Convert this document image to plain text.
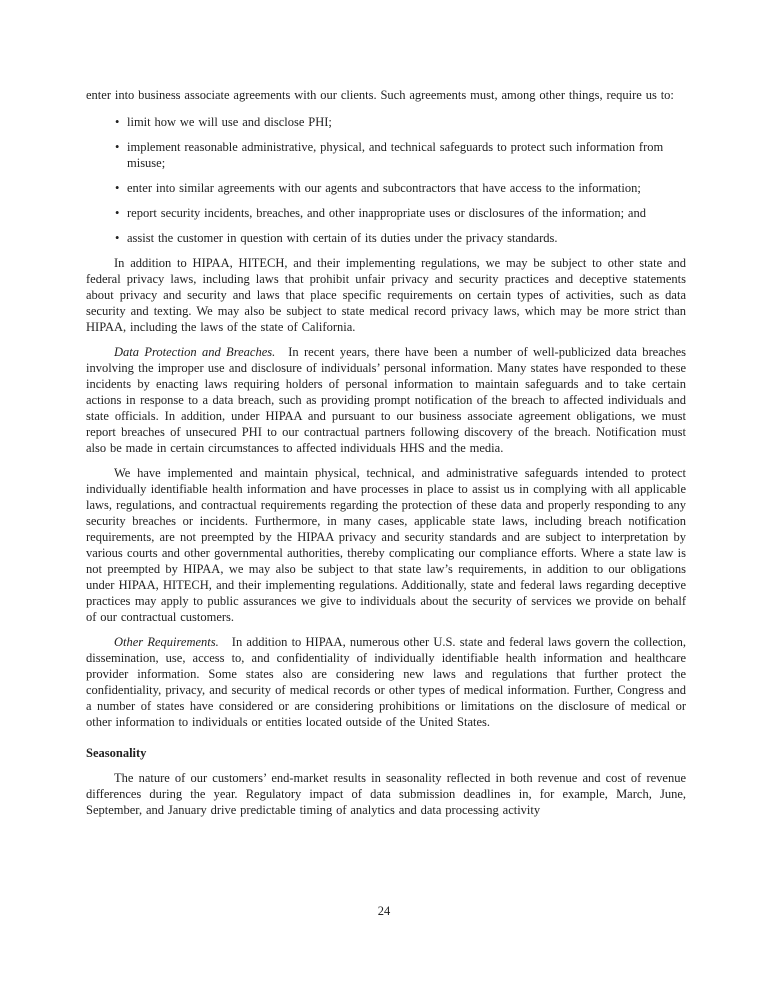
enter into business associate agreements with our clients. Such agreements must, among other things, require us to:

• limit how we will use and disclose PHI;
• implement reasonable administrative, physical, and technical safeguards to protect such information from misuse;
• enter into similar agreements with our agents and subcontractors that have access to the information;
• report security incidents, breaches, and other inappropriate uses or disclosures of the information; and
• assist the customer in question with certain of its duties under the privacy standards.

In addition to HIPAA, HITECH, and their implementing regulations, we may be subject to other state and federal privacy laws, including laws that prohibit unfair privacy and security practices and deceptive statements about privacy and security and laws that place specific requirements on certain types of activities, such as data security and texting. We may also be subject to state medical record privacy laws, which may be more strict than HIPAA, including the laws of the state of California.

Data Protection and Breaches. In recent years, there have been a number of well-publicized data breaches involving the improper use and disclosure of individuals’ personal information. Many states have responded to these incidents by enacting laws requiring holders of personal information to maintain safeguards and to take certain actions in response to a data breach, such as providing prompt notification of the breach to affected individuals and state officials. In addition, under HIPAA and pursuant to our business associate agreement obligations, we must report breaches of unsecured PHI to our contractual partners following discovery of the breach. Notification must also be made in certain circumstances to affected individuals HHS and the media.

We have implemented and maintain physical, technical, and administrative safeguards intended to protect individually identifiable health information and have processes in place to assist us in complying with all applicable laws, regulations, and contractual requirements regarding the protection of these data and properly responding to any security breaches or incidents. Furthermore, in many cases, applicable state laws, including breach notification requirements, are not preempted by the HIPAA privacy and security standards and are subject to interpretation by various courts and other governmental authorities, thereby complicating our compliance efforts. Where a state law is not preempted by HIPAA, we may also be subject to that state law’s requirements, in addition to our obligations under HIPAA, HITECH, and their implementing regulations. Additionally, state and federal laws regarding deceptive practices may apply to public assurances we give to individuals about the security of services we provide on behalf of our contractual customers.

Other Requirements. In addition to HIPAA, numerous other U.S. state and federal laws govern the collection, dissemination, use, access to, and confidentiality of individually identifiable health information and healthcare provider information. Some states also are considering new laws and regulations that further protect the confidentiality, privacy, and security of medical records or other types of medical information. Further, Congress and a number of states have considered or are considering prohibitions or limitations on the disclosure of medical or other information to individuals or entities located outside of the United States.

Seasonality

The nature of our customers’ end-market results in seasonality reflected in both revenue and cost of revenue differences during the year. Regulatory impact of data submission deadlines in, for example, March, June, September, and January drive predictable timing of analytics and data processing activity

24
